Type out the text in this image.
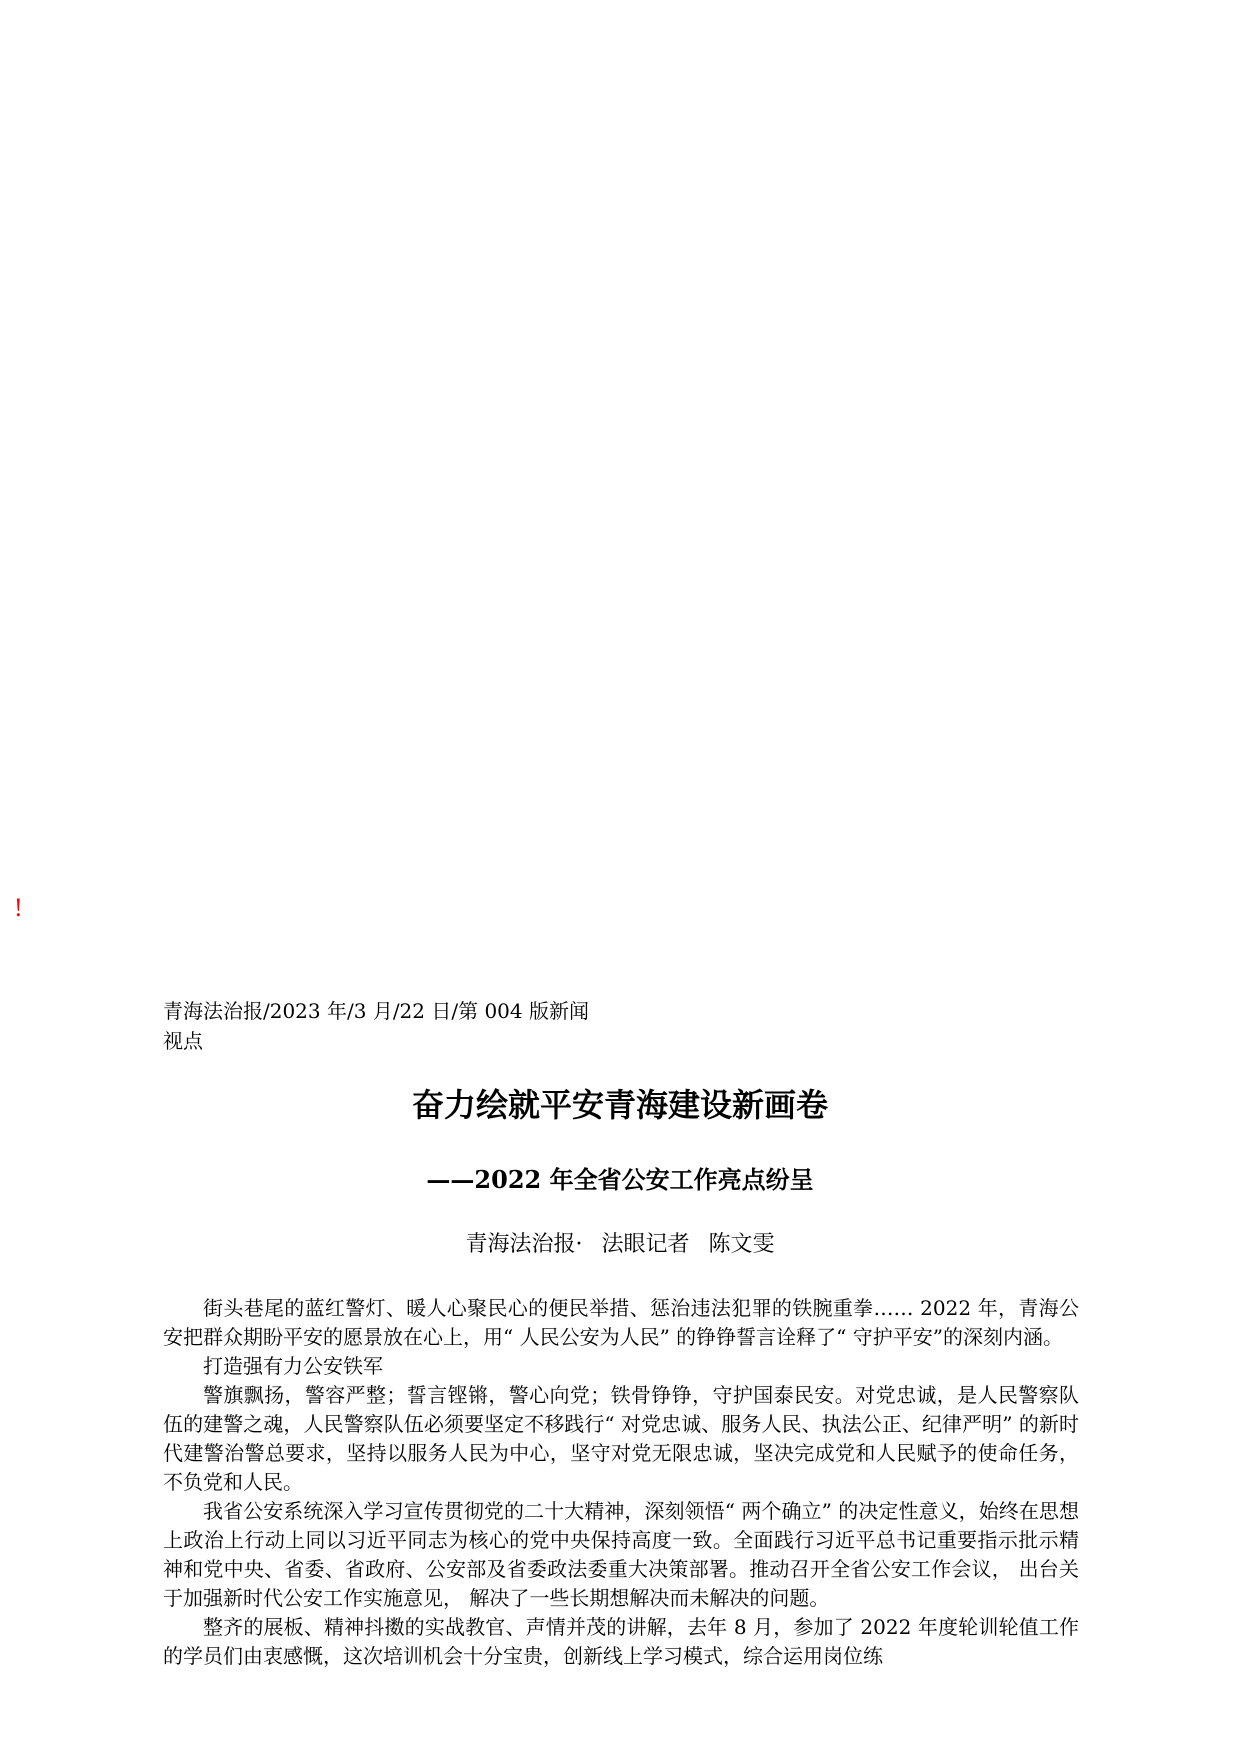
!
青海法治报/2023 年/3 月/22 日/第 004 版新闻视点
奋力绘就平安青海建设新画卷
——2022 年全省公安工作亮点纷呈
青海法治报· 法眼记者 陈文雯

街头巷尾的蓝红警灯、暖人心聚民心的便民举措、惩治违法犯罪的铁腕重拳…… 2022 年，青海公安把群众期盼平安的愿景放在心上，用“ 人民公安为人民” 的铮铮誓言诠释了“ 守护平安”的深刻内涵。

打造强有力公安铁军

警旗飘扬，警容严整；誓言铿锵，警心向党；铁骨铮铮，守护国泰民安。对党忠诚，是人民警察队伍的建警之魂，人民警察队伍必须要坚定不移践行“ 对党忠诚、服务人民、执法公正、纪律严明” 的新时代建警治警总要求，坚持以服务人民为中心，坚守对党无限忠诚，坚决完成党和人民赋予的使命任务，不负党和人民。

我省公安系统深入学习宣传贯彻党的二十大精神，深刻领悟“ 两个确立” 的决定性意义，始终在思想上政治上行动上同以习近平同志为核心的党中央保持高度一致。全面践行习近平总书记重要指示批示精神和党中央、省委、省政府、公安部及省委政法委重大决策部署。推动召开全省公安工作会议， 出台关于加强新时代公安工作实施意见， 解决了一些长期想解决而未解决的问题。

整齐的展板、精神抖擞的实战教官、声情并茂的讲解，去年 8 月，参加了 2022 年度轮训轮值工作的学员们由衷感慨，这次培训机会十分宝贵，创新线上学习模式，综合运用岗位练
